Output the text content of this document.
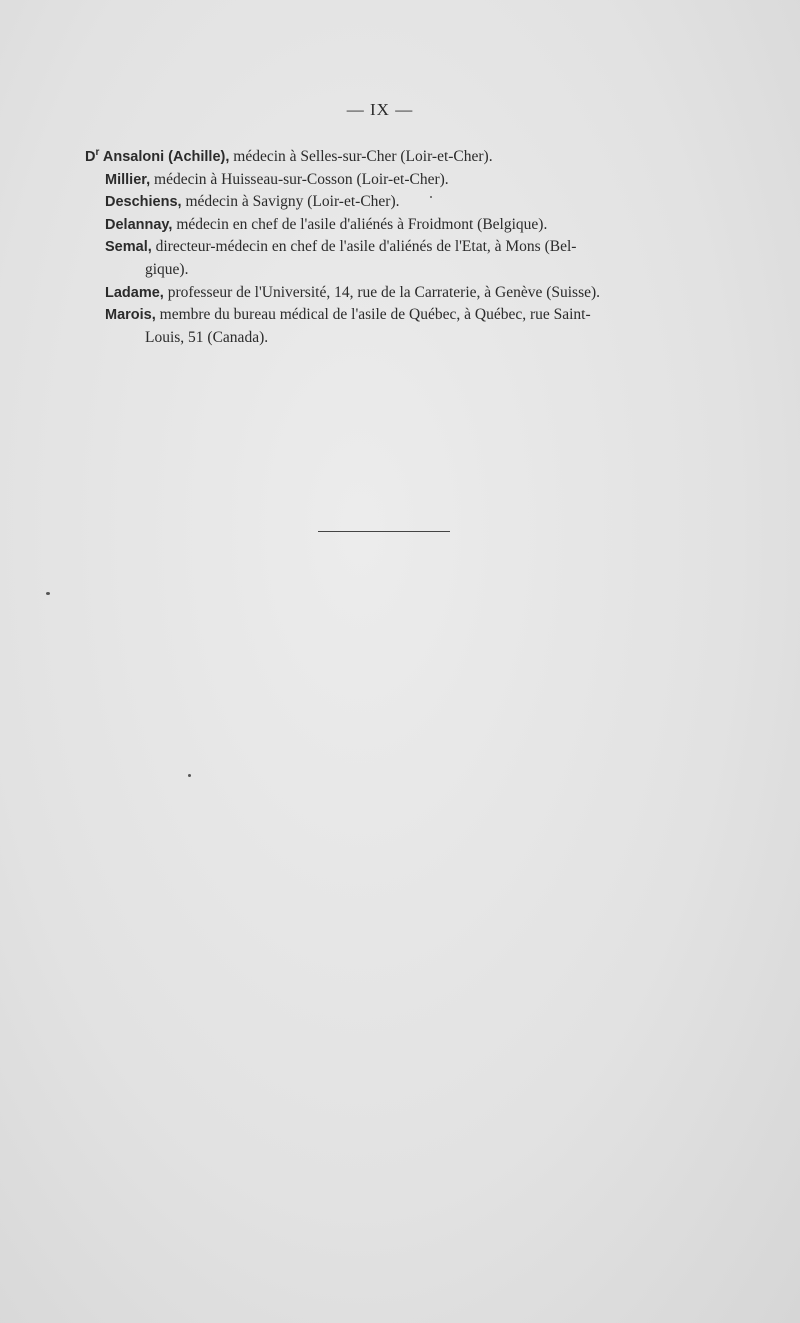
— IX —

$D^r$ Ansaloni (Achille), médecin à Selles-sur-Cher (Loir-et-Cher).

Millier, médecin à Huisseau-sur-Cosson (Loir-et-Cher).

Deschiens, médecin à Savigny (Loir-et-Cher).

Delannay, médecin en chef de l'asile d'aliénés à Froidmont (Belgique).

Semal, directeur-médecin en chef de l'asile d'aliénés de l'Etat, à Mons (Bel-
gique).

Ladame, professeur de l'Université, 14, rue de la Carraterie, à Genève (Suisse).

Marois, membre du bureau médical de l'asile de Québec, à Québec, rue Saint-
Louis, 51 (Canada).
